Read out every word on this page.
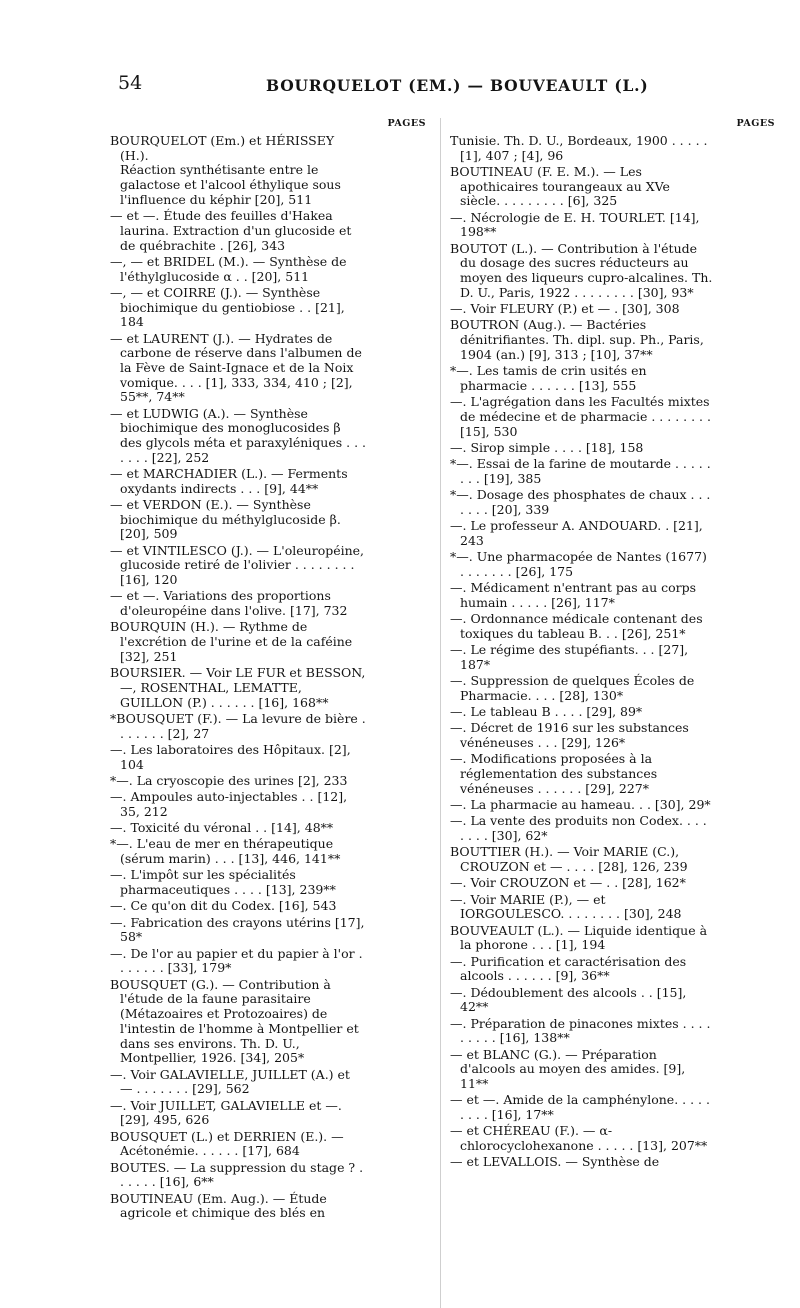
54	BOURQUELOT (EM.) — BOUVEAULT (L.)
PAGES
BOURQUELOT (Em.) et HÉRISSEY (H.).
Réaction synthétisante entre le galactose et l'alcool éthylique sous l'influence du képhir [20], 511
— et —. Étude des feuilles d'Hakea laurina. Extraction d'un glucoside et de québrachite . [26], 343
—, — et BRIDEL (M.). — Synthèse de l'éthylglucoside α . . [20], 511
—, — et COIRRE (J.). — Synthèse biochimique du gentiobiose . . [21], 184
— et LAURENT (J.). — Hydrates de carbone de réserve dans l'albumen de la Fève de Saint-Ignace et de la Noix vomique. . . . [1], 333, 334, 410 ; [2], 55**, 74**
— et LUDWIG (A.). — Synthèse biochimique des monoglucosides β des glycols méta et paraxyléniques . . . . . . . [22], 252
— et MARCHADIER (L.). — Ferments oxydants indirects . . . [9], 44**
— et VERDON (E.). — Synthèse biochimique du méthylglucoside β. [20], 509
— et VINTILESCO (J.). — L'oleuropéine, glucoside retiré de l'olivier . . . . . . . . [16], 120
— et —. Variations des proportions d'oleuropéine dans l'olive. [17], 732
BOURQUIN (H.). — Rythme de l'excrétion de l'urine et de la caféine [32], 251
BOURSIER. — Voir LE FUR et BESSON, —, ROSENTHAL, LEMATTE, GUILLON (P.) . . . . . . [16], 168**
*BOUSQUET (F.). — La levure de bière . . . . . . . [2], 27
—. Les laboratoires des Hôpitaux. [2], 104
*—. La cryoscopie des urines [2], 233
—. Ampoules auto-injectables . . [12], 35, 212
—. Toxicité du véronal . . [14], 48**
*—. L'eau de mer en thérapeutique (sérum marin) . . . [13], 446, 141**
—. L'impôt sur les spécialités pharmaceutiques . . . . [13], 239**
—. Ce qu'on dit du Codex. [16], 543
—. Fabrication des crayons utérins [17], 58*
—. De l'or au papier et du papier à l'or . . . . . . . [33], 179*
BOUSQUET (G.). — Contribution à l'étude de la faune parasitaire (Métazoaires et Protozoaires) de l'intestin de l'homme à Montpellier et dans ses environs. Th. D. U., Montpellier, 1926. [34], 205*
—. Voir GALAVIELLE, JUILLET (A.) et — . . . . . . . [29], 562
—. Voir JUILLET, GALAVIELLE et —. [29], 495, 626
BOUSQUET (L.) et DERRIEN (E.). — Acétonémie. . . . . . [17], 684
BOUTES. — La suppression du stage ? . . . . . . [16], 6**
BOUTINEAU (Em. Aug.). — Étude agricole et chimique des blés en
PAGES
Tunisie. Th. D. U., Bordeaux, 1900 . . . . . [1], 407 ; [4], 96
BOUTINEAU (F. E. M.). — Les apothicaires tourangeaux au XVe siècle. . . . . . . . . [6], 325
—. Nécrologie de E. H. TOURLET. [14], 198**
BOUTOT (L.). — Contribution à l'étude du dosage des sucres réducteurs au moyen des liqueurs cupro-alcalines. Th. D. U., Paris, 1922 . . . . . . . . [30], 93*
—. Voir FLEURY (P.) et — . [30], 308
BOUTRON (Aug.). — Bactéries dénitrifiantes. Th. dipl. sup. Ph., Paris, 1904 (an.) [9], 313 ; [10], 37**
*—. Les tamis de crin usités en pharmacie . . . . . . [13], 555
—. L'agrégation dans les Facultés mixtes de médecine et de pharmacie . . . . . . . . [15], 530
—. Sirop simple . . . . [18], 158
*—. Essai de la farine de moutarde . . . . . . . . [19], 385
*—. Dosage des phosphates de chaux . . . . . . . [20], 339
—. Le professeur A. ANDOUARD. . [21], 243
*—. Une pharmacopée de Nantes (1677) . . . . . . . [26], 175
—. Médicament n'entrant pas au corps humain . . . . . [26], 117*
—. Ordonnance médicale contenant des toxiques du tableau B. . . [26], 251*
—. Le régime des stupéfiants. . . [27], 187*
—. Suppression de quelques Écoles de Pharmacie. . . . [28], 130*
—. Le tableau B . . . . [29], 89*
—. Décret de 1916 sur les substances vénéneuses . . . [29], 126*
—. Modifications proposées à la réglementation des substances vénéneuses . . . . . . [29], 227*
—. La pharmacie au hameau. . . [30], 29*
—. La vente des produits non Codex. . . . . . . . [30], 62*
BOUTTIER (H.). — Voir MARIE (C.), CROUZON et — . . . . [28], 126, 239
—. Voir CROUZON et — . . [28], 162*
—. Voir MARIE (P.), — et IORGOULESCO. . . . . . . . [30], 248
BOUVEAULT (L.). — Liquide identique à la phorone . . . [1], 194
—. Purification et caractérisation des alcools . . . . . . [9], 36**
—. Dédoublement des alcools . . [15], 42**
—. Préparation de pinacones mixtes . . . . . . . . . [16], 138**
— et BLANC (G.). — Préparation d'alcools au moyen des amides. [9], 11**
— et —. Amide de la camphénylone. . . . . . . . . [16], 17**
— et CHÉREAU (F.). — α-chlorocyclohexanone . . . . . [13], 207**
— et LEVALLOIS. — Synthèse de
